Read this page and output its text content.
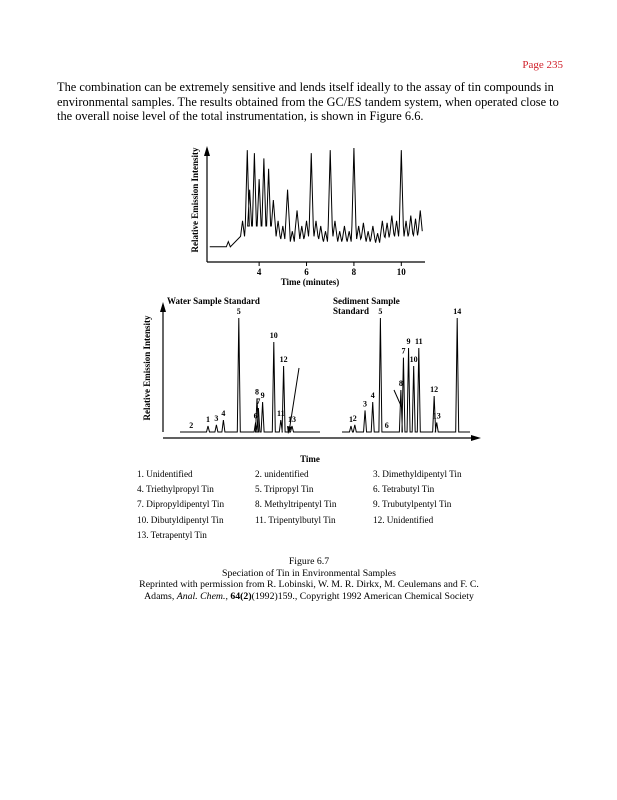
Page 235

The combination can be extremely sensitive and lends itself ideally to the assay of tin compounds in environmental samples. The results obtained from the GC/ES tandem system, when operated close to the overall noise level of the total instrumentation, is shown in Figure 6.6.

4	6	8	10
Relative Emission Intensity
Time (minutes)
Relative Emission Intensity
Time
Water Sample Standard	Sediment Sample
Standard
2
1 3
4
5
6
8
7
9
10
11
12
13	1 2
3
4
5
6
8
7
9
10
11
12
13
14
1. Unidentified	2. unidentified	3. Dimethyldipentyl Tin
4. Triethylpropyl Tin	5. Tripropyl Tin	6. Tetrabutyl Tin
7. Dipropyldipentyl Tin	8. Methyltripentyl Tin	9. Trubutylpentyl Tin
10. Dibutyldipentyl Tin	11. Tripentylbutyl Tin	12. Unidentified
13. Tetrapentyl Tin
Figure 6.7
Speciation of Tin in Environmental Samples
Reprinted with permission from R. Lobinski, W. M. R. Dirkx, M. Ceulemans and F. C.
Adams, Anal. Chem., 64(2)(1992)159., Copyright 1992 American Chemical Society
